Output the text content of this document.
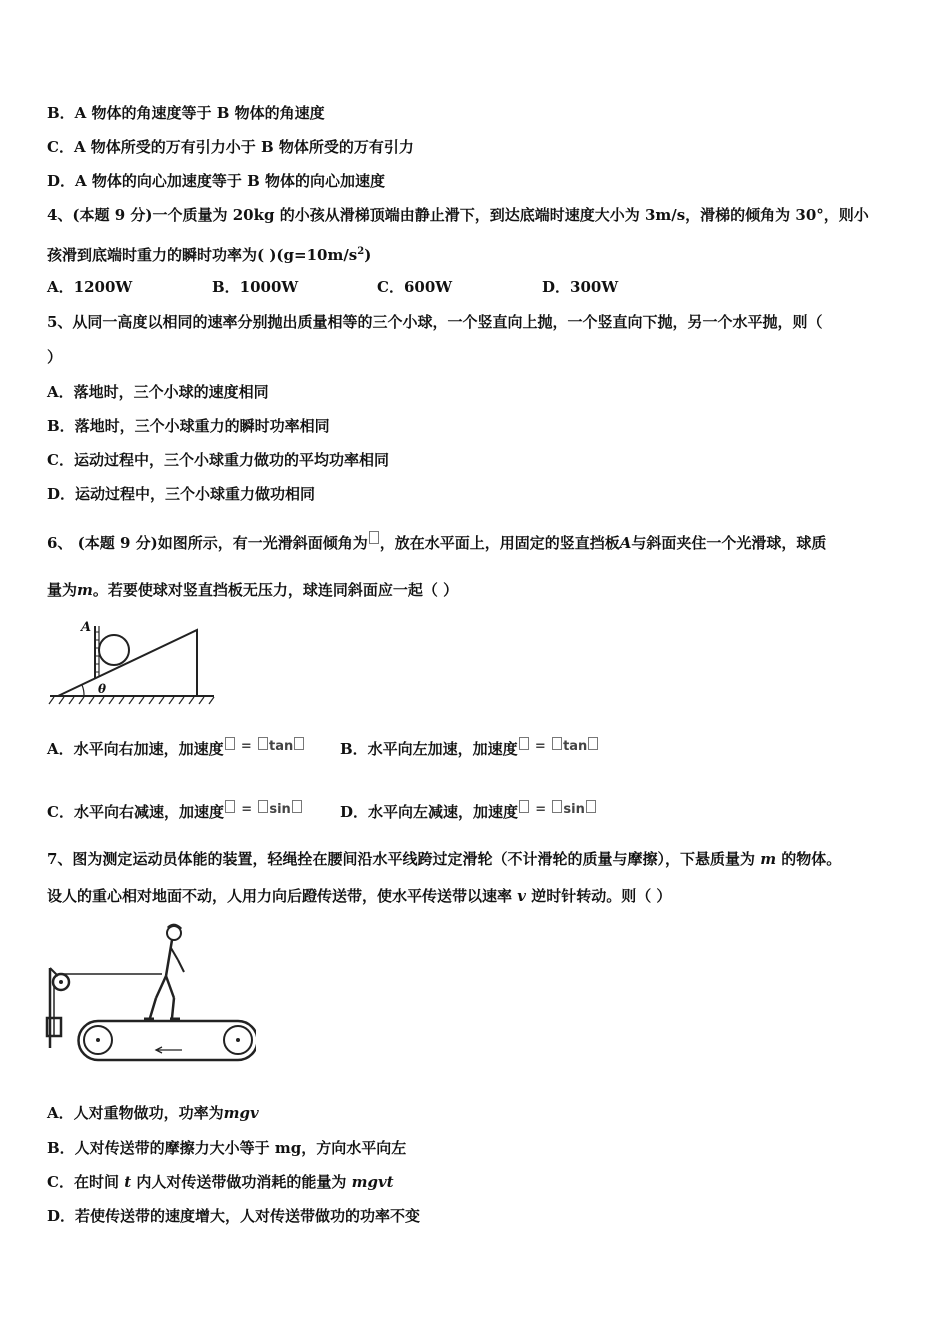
B．A 物体的角速度等于 B 物体的角速度
C．A 物体所受的万有引力小于 B 物体所受的万有引力
D．A 物体的向心加速度等于 B 物体的向心加速度
4、(本题 9 分)一个质量为 20kg 的小孩从滑梯顶端由静止滑下，到达底端时速度大小为 3m/s，滑梯的倾角为 30°，则小
孩滑到底端时重力的瞬时功率为( )$(g=10m/s^2)$
A．1200W	B．1000W	C．600W	D．300W
5、从同一高度以相同的速率分别抛出质量相等的三个小球，一个竖直向上抛，一个竖直向下抛，另一个水平抛，则（
）
A．落地时，三个小球的速度相同
B．落地时，三个小球重力的瞬时功率相同
C．运动过程中，三个小球重力做功的平均功率相同
D．运动过程中，三个小球重力做功相同
6、 (本题 9 分)如图所示，有一光滑斜面倾角为 ，放在水平面上，用固定的竖直挡板A与斜面夹住一个光滑球，球质
量为m。若要使球对竖直挡板无压力，球连同斜面应一起（ ）
A
θ
A．水平向右加速，加速度 = tan	B．水平向左加速，加速度 = tan
C．水平向右减速，加速度 = sin	D．水平向左减速，加速度 = sin
7、图为测定运动员体能的装置，轻绳拴在腰间沿水平线跨过定滑轮（不计滑轮的质量与摩擦），下悬质量为 m 的物体。
设人的重心相对地面不动，人用力向后蹬传送带，使水平传送带以速率 v 逆时针转动。则（ ）
A．人对重物做功，功率为mgv
B．人对传送带的摩擦力大小等于 mg，方向水平向左
C．在时间 t 内人对传送带做功消耗的能量为 mgvt
D．若使传送带的速度增大，人对传送带做功的功率不变
